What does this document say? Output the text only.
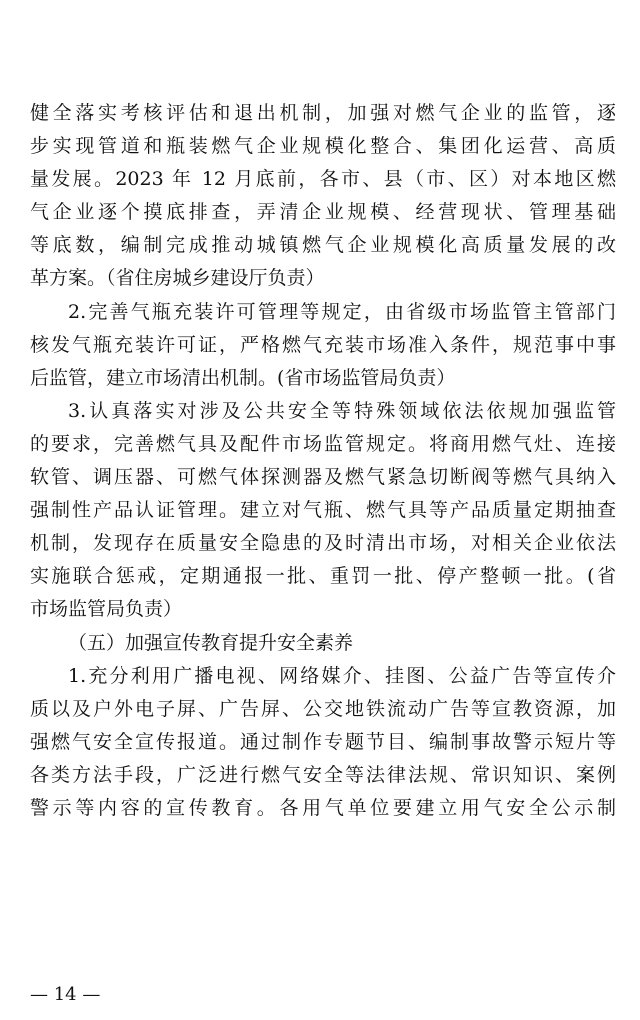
健全落实考核评估和退出机制，加强对燃气企业的监管，逐
步实现管道和瓶装燃气企业规模化整合、集团化运营、高质
量发展。2023 年 12 月底前，各市、县（市、区）对本地区燃
气企业逐个摸底排查，弄清企业规模、经营现状、管理基础
等底数，编制完成推动城镇燃气企业规模化高质量发展的改
革方案。（省住房城乡建设厅负责）
2.完善气瓶充装许可管理等规定，由省级市场监管主管部门
核发气瓶充装许可证，严格燃气充装市场准入条件，规范事中事
后监管，建立市场清出机制。(省市场监管局负责）
3.认真落实对涉及公共安全等特殊领域依法依规加强监管
的要求，完善燃气具及配件市场监管规定。将商用燃气灶、连接
软管、调压器、可燃气体探测器及燃气紧急切断阀等燃气具纳入
强制性产品认证管理。建立对气瓶、燃气具等产品质量定期抽查
机制，发现存在质量安全隐患的及时清出市场，对相关企业依法
实施联合惩戒，定期通报一批、重罚一批、停产整顿一批。(省
市场监管局负责）
（五）加强宣传教育提升安全素养
1.充分利用广播电视、网络媒介、挂图、公益广告等宣传介
质以及户外电子屏、广告屏、公交地铁流动广告等宣教资源，加
强燃气安全宣传报道。通过制作专题节目、编制事故警示短片等
各类方法手段，广泛进行燃气安全等法律法规、常识知识、案例
警示等内容的宣传教育。各用气单位要建立用气安全公示制
— 14 —
